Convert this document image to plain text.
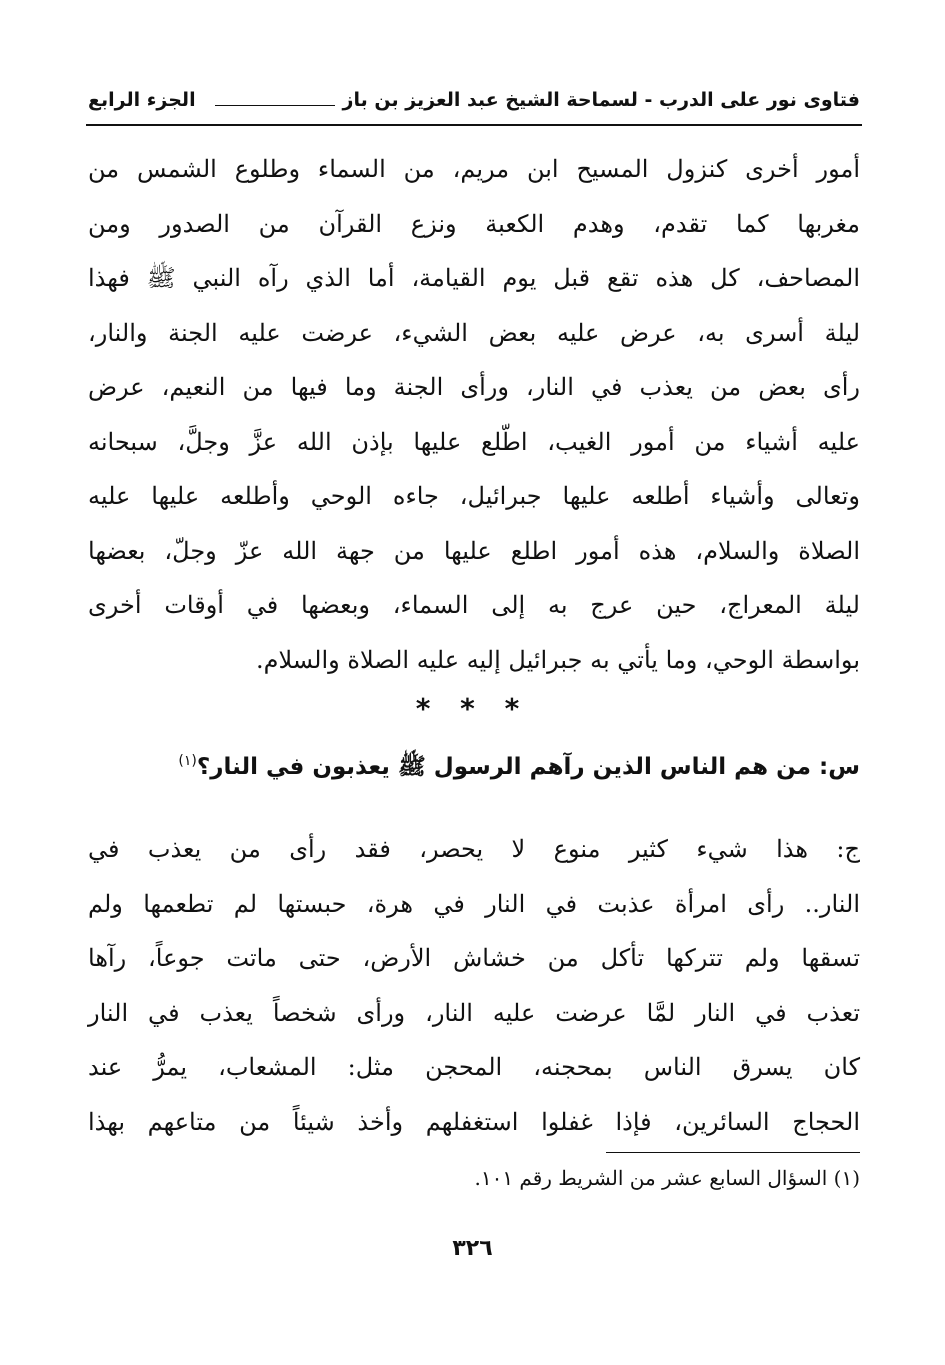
فتاوى نور على الدرب - لسماحة الشيخ عبد العزيز بن باز
الجزء الرابع
أمور أخرى كنزول المسيح ابن مريم، من السماء وطلوع الشمس من
مغربها كما تقدم، وهدم الكعبة ونزع القرآن من الصدور ومن
المصاحف، كل هذه تقع قبل يوم القيامة، أما الذي رآه النبي ﷺ فهذا
ليلة أسرى به، عرض عليه بعض الشيء، عرضت عليه الجنة والنار،
رأى بعض من يعذب في النار، ورأى الجنة وما فيها من النعيم، عرض
عليه أشياء من أمور الغيب، اطّلع عليها بإذن الله عزَّ وجلَّ، سبحانه
وتعالى وأشياء أطلعه عليها جبرائيل، جاءه الوحي وأطلعه عليها عليه
الصلاة والسلام، هذه أمور اطلع عليها من جهة الله عزّ وجلّ، بعضها
ليلة المعراج، حين عرج به إلى السماء، وبعضها في أوقات أخرى
بواسطة الوحي، وما يأتي به جبرائيل إليه عليه الصلاة والسلام.
* * *
س: من هم الناس الذين رآهم الرسول ﷺ يعذبون في النار؟$^{(١)}$
ج: هذا شيء كثير منوع لا يحصر، فقد رأى من يعذب في
النار.. رأى امرأة عذبت في النار في هرة، حبستها لم تطعمها ولم
تسقها ولم تتركها تأكل من خشاش الأرض، حتى ماتت جوعاً، رآها
تعذب في النار لمَّا عرضت عليه النار، ورأى شخصاً يعذب في النار
كان يسرق الناس بمحجنه، المحجن مثل: المشعاب، يمرُّ عند
الحجاج السائرين، فإذا غفلوا استغفلهم وأخذ شيئاً من متاعهم بهذا
(١) السؤال السابع عشر من الشريط رقم ١٠١.
٣٢٦
